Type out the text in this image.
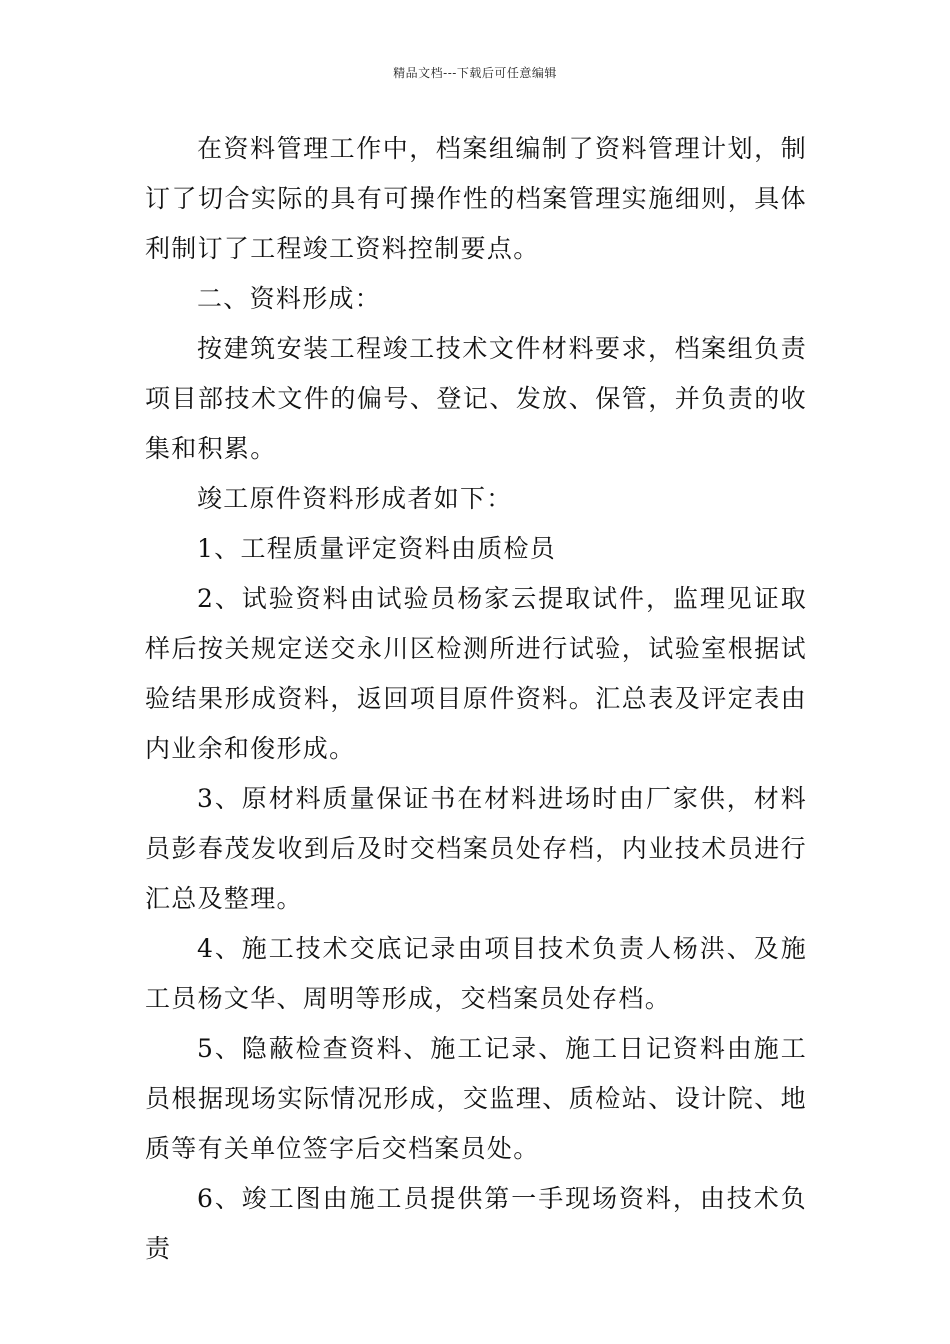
精品文档---下载后可任意编辑

在资料管理工作中，档案组编制了资料管理计划，制订了切合实际的具有可操作性的档案管理实施细则，具体利制订了工程竣工资料控制要点。

二、资料形成：

按建筑安装工程竣工技术文件材料要求，档案组负责项目部技术文件的偏号、登记、发放、保管，并负责的收集和积累。

竣工原件资料形成者如下：

1、工程质量评定资料由质检员

2、试验资料由试验员杨家云提取试件，监理见证取样后按关规定送交永川区检测所进行试验，试验室根据试验结果形成资料，返回项目原件资料。汇总表及评定表由内业余和俊形成。

3、原材料质量保证书在材料进场时由厂家供，材料员彭春茂发收到后及时交档案员处存档，内业技术员进行汇总及整理。

4、施工技术交底记录由项目技术负责人杨洪、及施工员杨文华、周明等形成，交档案员处存档。

5、隐蔽检查资料、施工记录、施工日记资料由施工员根据现场实际情况形成，交监理、质检站、设计院、地质等有关单位签字后交档案员处。

6、竣工图由施工员提供第一手现场资料，由技术负责
